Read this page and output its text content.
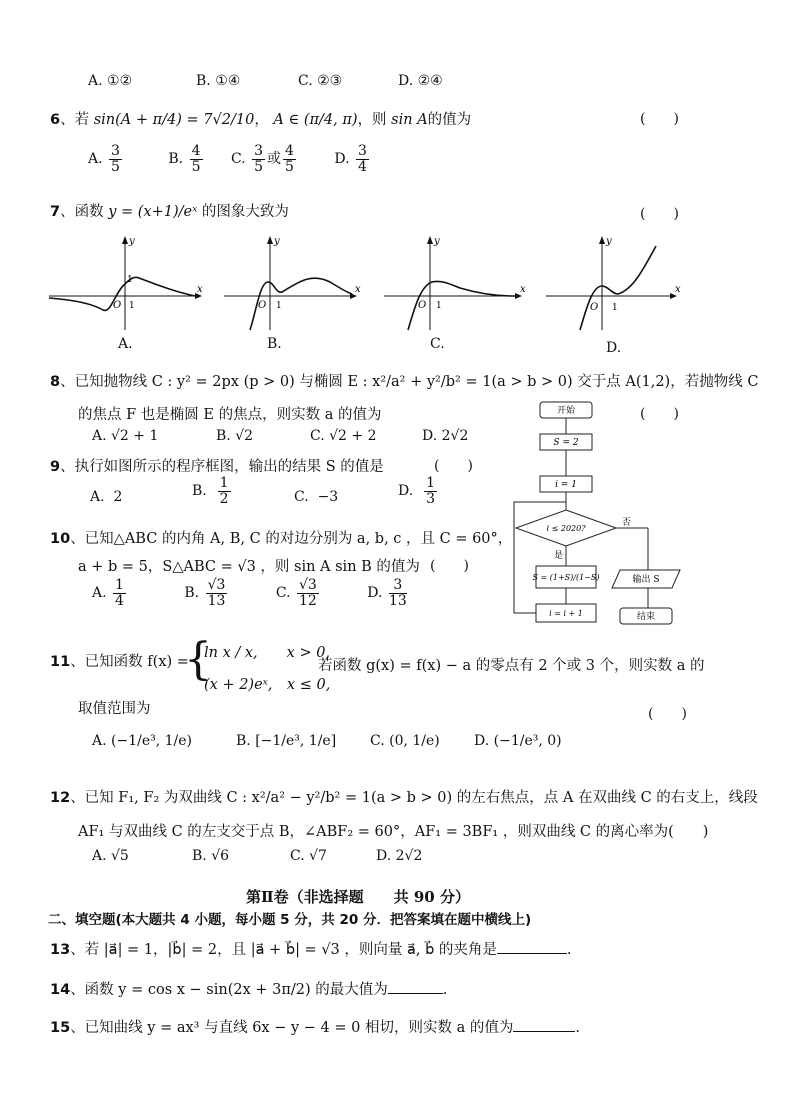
A. ①②	B. ①④	C. ②③	D. ②④
6、若 sin(A + π/4) = 7√2/10， A ∈ (π/4, π)，则 sin A的值为	(　　)
A. $\frac{3}{5}$	B. $\frac{4}{5} C$. $\frac{3}{5}$ 或 $\frac{4}{5}$	D. $\frac{3}{4}$
7、函数 y = (x+1)/eˣ 的图象大致为	(　　)
x
y
O 1
1
x
y
O 1
x
y
O 1
x
y
O 1
A.	B.	C.	D.
8、已知抛物线 C : y² = 2px (p > 0) 与椭圆 E : x²/a² + y²/b² = 1(a > b > 0) 交于点 A(1,2)，若抛物线 C
的焦点 F 也是椭圆 E 的焦点，则实数 a 的值为	(　　)
A. √2 + 1	B. √2	C. √2 + 2	D. 2√2
开始
S = 2
i = 1
i ≤ 2020?
否
是
S = (1+S)/(1−S)
i = i + 1
输出 S
结束
9、执行如图所示的程序框图，输出的结果 S 的值是	(　　)
A. 2	B. $\frac{1}{2}$	C. −3	D. $\frac{1}{3}$
10、已知△ABC 的内角 A, B, C 的对边分别为 a, b, c ，且 C = 60°，
a + b = 5，S△ABC = √3 ，则 sin A sin B 的值为 (　　)
A. $\frac{1}{4}$	B. $\frac{√3}{13}$	C. $\frac{√3}{12}$	D. $\frac{3}{13}$
11、已知函数 f(x) =
{
ln x / x,　　x > 0,
(x + 2)eˣ,　x ≤ 0,
若函数 g(x) = f(x) − a 的零点有 2 个或 3 个，则实数 a 的
取值范围为	(　　)
A. (−1/e³, 1/e)	B. [−1/e³, 1/e] C. (0, 1/e) D. (−1/e³, 0)
12、已知 F₁, F₂ 为双曲线 C : x²/a² − y²/b² = 1(a > b > 0) 的左右焦点，点 A 在双曲线 C 的右支上，线段
AF₁ 与双曲线 C 的左支交于点 B，∠ABF₂ = 60°，AF₁ = 3BF₁ ，则双曲线 C 的离心率为(　　)
A. √5	B. √6	C. √7	D. 2√2
第Ⅱ卷（非选择题　　共 90 分）
二、填空题(本大题共 4 小题，每小题 5 分，共 20 分．把答案填在题中横线上)
13、若 |a⃗| = 1，|b⃗| = 2，且 |a⃗ + b⃗| = √3 ，则向量 a⃗, b⃗ 的夹角是	.
14、函数 y = cos x − sin(2x + 3π/2) 的最大值为	.
15、已知曲线 y = ax³ 与直线 6x − y − 4 = 0 相切，则实数 a 的值为	.
